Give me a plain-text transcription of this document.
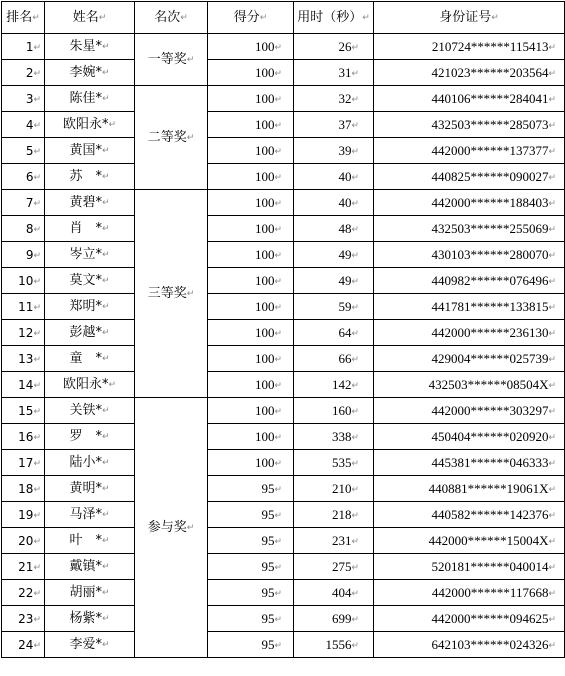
排名↵	姓名↵	名次↵	得分↵	用时（秒）↵	身份证号↵
1↵	朱星*↵	一等奖↵	100↵	26↵	210724******115413↵
2↵	李婉*↵		100↵	31↵	421023******203564↵
3↵	陈佳*↵	二等奖↵	100↵	32↵	440106******284041↵
4↵	欧阳永*↵		100↵	37↵	432503******285073↵
5↵	黄国*↵		100↵	39↵	442000******137377↵
6↵	苏　*↵		100↵	40↵	440825******090027↵
7↵	黄碧*↵	三等奖↵	100↵	40↵	442000******188403↵
8↵	肖　*↵		100↵	48↵	432503******255069↵
9↵	岑立*↵		100↵	49↵	430103******280070↵
10↵	莫文*↵		100↵	49↵	440982******076496↵
11↵	郑明*↵		100↵	59↵	441781******133815↵
12↵	彭越*↵		100↵	64↵	442000******236130↵
13↵	童　*↵		100↵	66↵	429004******025739↵
14↵	欧阳永*↵		100↵	142↵	432503******08504X↵
15↵	关铁*↵	参与奖↵	100↵	160↵	442000******303297↵
16↵	罗　*↵		100↵	338↵	450404******020920↵
17↵	陆小*↵		100↵	535↵	445381******046333↵
18↵	黄明*↵		95↵	210↵	440881******19061X↵
19↵	马泽*↵		95↵	218↵	440582******142376↵
20↵	叶　*↵		95↵	231↵	442000******15004X↵
21↵	戴镇*↵		95↵	275↵	520181******040014↵
22↵	胡丽*↵		95↵	404↵	442000******117668↵
23↵	杨紫*↵		95↵	699↵	442000******094625↵
24↵	李爱*↵		95↵	1556↵	642103******024326↵
